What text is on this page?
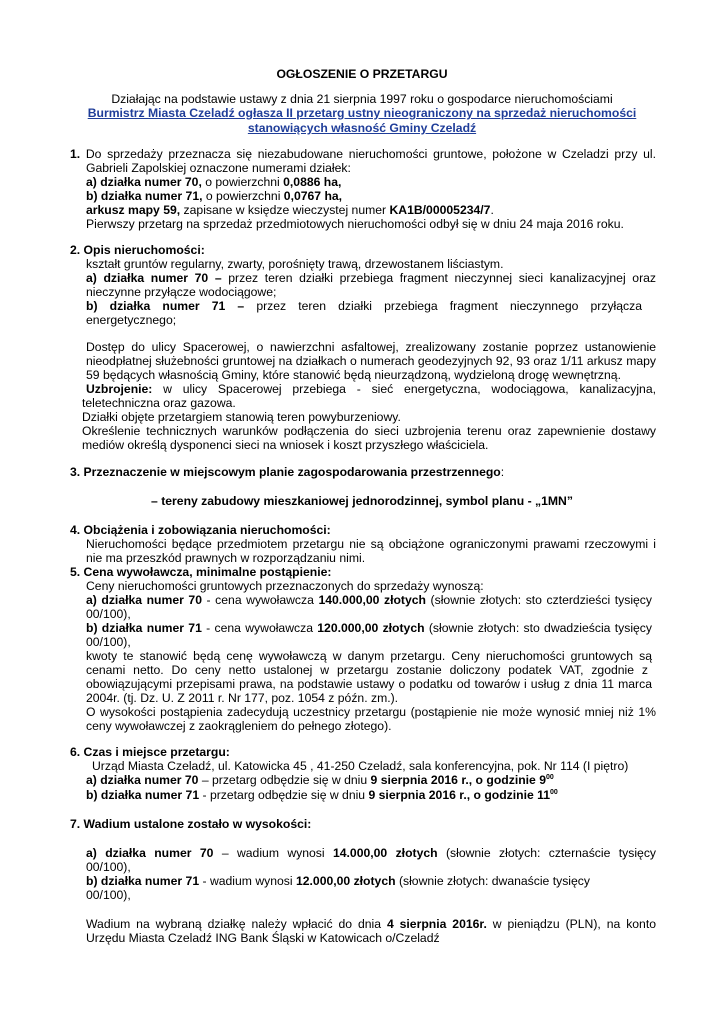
OGŁOSZENIE O PRZETARGU
Działając na podstawie ustawy z dnia 21 sierpnia 1997 roku o gospodarce nieruchomościami
Burmistrz Miasta Czeladź ogłasza II przetarg ustny nieograniczony na sprzedaż nieruchomości
stanowiących własność Gminy Czeladź
1. Do sprzedaży przeznacza się niezabudowane nieruchomości gruntowe, położone w Czeladzi przy ul.
Gabrieli Zapolskiej oznaczone numerami działek:
a) działka numer 70, o powierzchni 0,0886 ha,
b) działka numer 71, o powierzchni 0,0767 ha,
arkusz mapy 59, zapisane w księdze wieczystej numer KA1B/00005234/7.
Pierwszy przetarg na sprzedaż przedmiotowych nieruchomości odbył się w dniu 24 maja 2016 roku.
2. Opis nieruchomości:
kształt gruntów regularny, zwarty, porośnięty trawą, drzewostanem liściastym.
a) działka numer 70 – przez teren działki przebiega fragment nieczynnej sieci kanalizacyjnej oraz
nieczynne przyłącze wodociągowe;
b) działka numer 71 – przez teren działki przebiega fragment nieczynnego przyłącza
energetycznego;
Dostęp do ulicy Spacerowej, o nawierzchni asfaltowej, zrealizowany zostanie poprzez ustanowienie
nieodpłatnej służebności gruntowej na działkach o numerach geodezyjnych 92, 93 oraz 1/11 arkusz mapy
59 będących własnością Gminy, które stanowić będą nieurządzoną, wydzieloną drogę wewnętrzną.
Uzbrojenie: w ulicy Spacerowej przebiega - sieć energetyczna, wodociągowa, kanalizacyjna,
teletechniczna oraz gazowa.
Działki objęte przetargiem stanowią teren powyburzeniowy.
Określenie technicznych warunków podłączenia do sieci uzbrojenia terenu oraz zapewnienie dostawy
mediów określą dysponenci sieci na wniosek i koszt przyszłego właściciela.
3. Przeznaczenie w miejscowym planie zagospodarowania przestrzennego:
– tereny zabudowy mieszkaniowej jednorodzinnej, symbol planu - „1MN”
4. Obciążenia i zobowiązania nieruchomości:
Nieruchomości będące przedmiotem przetargu nie są obciążone ograniczonymi prawami rzeczowymi i
nie ma przeszkód prawnych w rozporządzaniu nimi.
5. Cena wywoławcza, minimalne postąpienie:
Ceny nieruchomości gruntowych przeznaczonych do sprzedaży wynoszą:
a) działka numer 70 - cena wywoławcza 140.000,00 złotych (słownie złotych: sto czterdzieści tysięcy
00/100),
b) działka numer 71 - cena wywoławcza 120.000,00 złotych (słownie złotych: sto dwadzieścia tysięcy
00/100),
kwoty te stanowić będą cenę wywoławczą w danym przetargu. Ceny nieruchomości gruntowych są
cenami netto. Do ceny netto ustalonej w przetargu zostanie doliczony podatek VAT, zgodnie z
obowiązującymi przepisami prawa, na podstawie ustawy o podatku od towarów i usług z dnia 11 marca
2004r. (tj. Dz. U. Z 2011 r. Nr 177, poz. 1054 z późn. zm.).
O wysokości postąpienia zadecydują uczestnicy przetargu (postąpienie nie może wynosić mniej niż 1%
ceny wywoławczej z zaokrągleniem do pełnego złotego).
6. Czas i miejsce przetargu:
Urząd Miasta Czeladź, ul. Katowicka 45 , 41-250 Czeladź, sala konferencyjna, pok. Nr 114 (I piętro)
a) działka numer 70 – przetarg odbędzie się w dniu 9 sierpnia 2016 r., o godzinie $9^{00}$
b) działka numer 71 - przetarg odbędzie się w dniu 9 sierpnia 2016 r., o godzinie $11^{00}$
7. Wadium ustalone zostało w wysokości:
a) działka numer 70 – wadium wynosi 14.000,00 złotych (słownie złotych: czternaście tysięcy
00/100),
b) działka numer 71 - wadium wynosi 12.000,00 złotych (słownie złotych: dwanaście tysięcy
00/100),
Wadium na wybraną działkę należy wpłacić do dnia 4 sierpnia 2016r. w pieniądzu (PLN), na konto
Urzędu Miasta Czeladź ING Bank Śląski w Katowicach o/Czeladź
